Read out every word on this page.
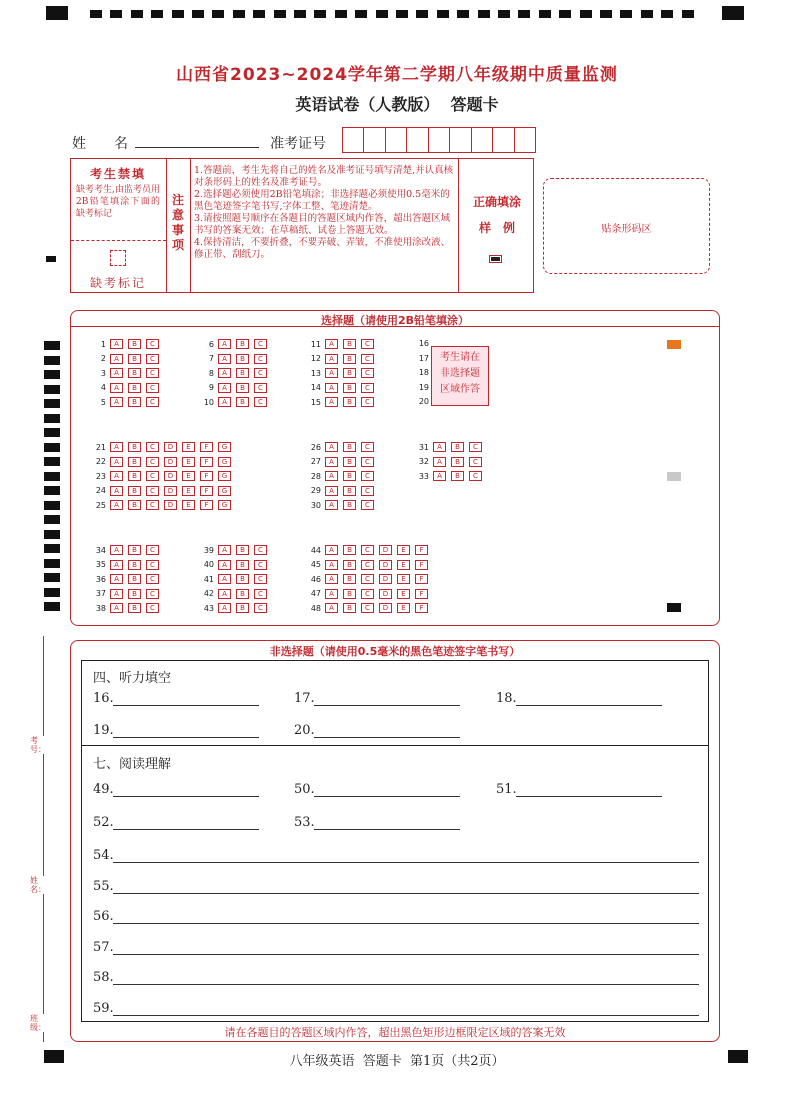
山西省2023~2024学年第二学期八年级期中质量监测
英语试卷（人教版）  答题卡
姓　　名	准考证号
考生禁填
缺考考生,由监考员用2B铅笔填涂下面的缺考标记
缺考标记
注意事项
1.答题前，考生先将自己的姓名及准考证号填写清楚,并认真核对条形码上的姓名及准考证号。
2.选择题必须使用2B铅笔填涂；非选择题必须使用0.5毫米的黑色笔迹签字笔书写,字体工整、笔迹清楚。
3.请按照题号顺序在各题目的答题区域内作答，超出答题区域书写的答案无效；在草稿纸、试卷上答题无效。
4.保持清洁，不要折叠，不要弄破、弄皱，不准使用涂改液、修正带、刮纸刀。
正确填涂
样　例	贴条形码区
选择题（请使用2B铅笔填涂）
1 A B C
2 A B C
3 A B C
4 A B C
5 A B C
6 A B C
7 A B C
8 A B C
9 A B C
10 A B C
11 A B C
12 A B C
13 A B C
14 A B C
15 A B C
16
17
18
19
20
21 A B C D E F G
22 A B C D E F G
23 A B C D E F G
24 A B C D E F G
25 A B C D E F G
26 A B C
27 A B C
28 A B C
29 A B C
30 A B C
31 A B C
32 A B C
33 A B C
34 A B C
35 A B C
36 A B C
37 A B C
38 A B C
39 A B C
40 A B C
41 A B C
42 A B C
43 A B C
44 A B C D E F
45 A B C D E F
46 A B C D E F
47 A B C D E F
48 A B C D E F
考生请在非选择题区域作答
非选择题（请使用0.5毫米的黑色笔迹签字笔书写）
四、听力填空
七、阅读理解
16.	17.	18.
19.	20.
49.	50.	51.
52.	53.
54.
55.
56.
57.
58.
59.
请在各题目的答题区域内作答，超出黑色矩形边框限定区域的答案无效
考号：
姓名：
班级：
八年级英语  答题卡  第1页（共2页）
